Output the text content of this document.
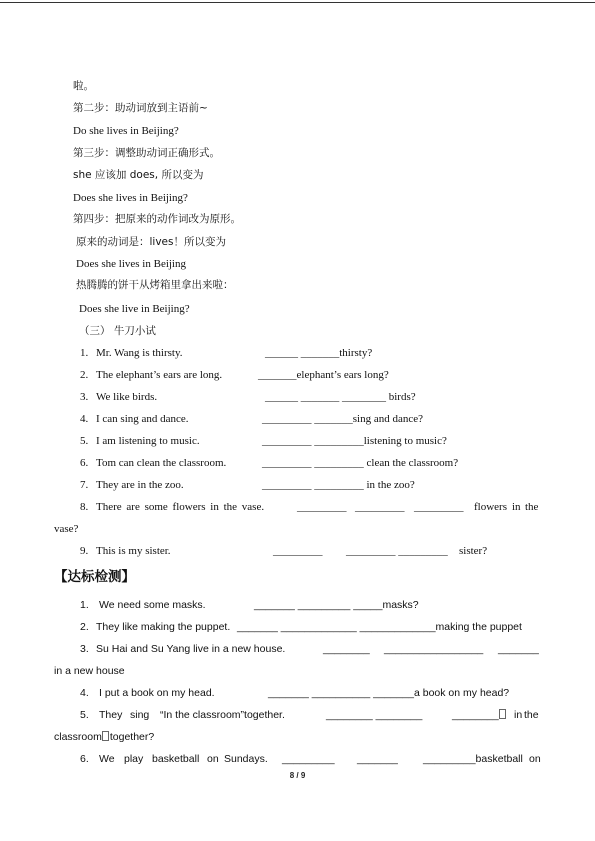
啦。
第二步：助动词放到主语前~
Do she lives in Beijing?
第三步：调整助动词正确形式。
she 应该加 does, 所以变为
Does she lives in Beijing?
第四步：把原来的动作词改为原形。
原来的动词是：lives！所以变为
Does she lives in Beijing
热腾腾的饼干从烤箱里拿出来啦：
Does she live in Beijing?
（三） 牛刀小试
8. There are some flowers in the vase.	_________ _________ _________ flowers in the
vase?
9. This is my sister.	_________ _________ _________ sister?
【达标检测】
1. We need some masks.	_______ _________ _____masks?
2. They like making the puppet. _______ _____________ _____________making the puppet
3. Su Hai and Su Yang live in a new house.	________ _________________ _______
in a new house
4. I put a book on my head.	_______ __________ _______a book on my head?
5. They sing “In the classroom”together.	________ ________	________	in the
classroom together?
6. We play basketball on Sundays. _________ _______ _________basketball on
8 / 9
1. Mr. Wang is thirsty.	______ _______thirsty?
2. The elephant’s ears are long.	_______elephant’s ears long?
3. We like birds.	______ _______ ________ birds?
4. I can sing and dance.	_________ _______sing and dance?
5. I am listening to music.	_________ _________listening to music?
6. Tom can clean the classroom.	_________ _________ clean the classroom?
7. They are in the zoo.	_________ _________ in the zoo?
